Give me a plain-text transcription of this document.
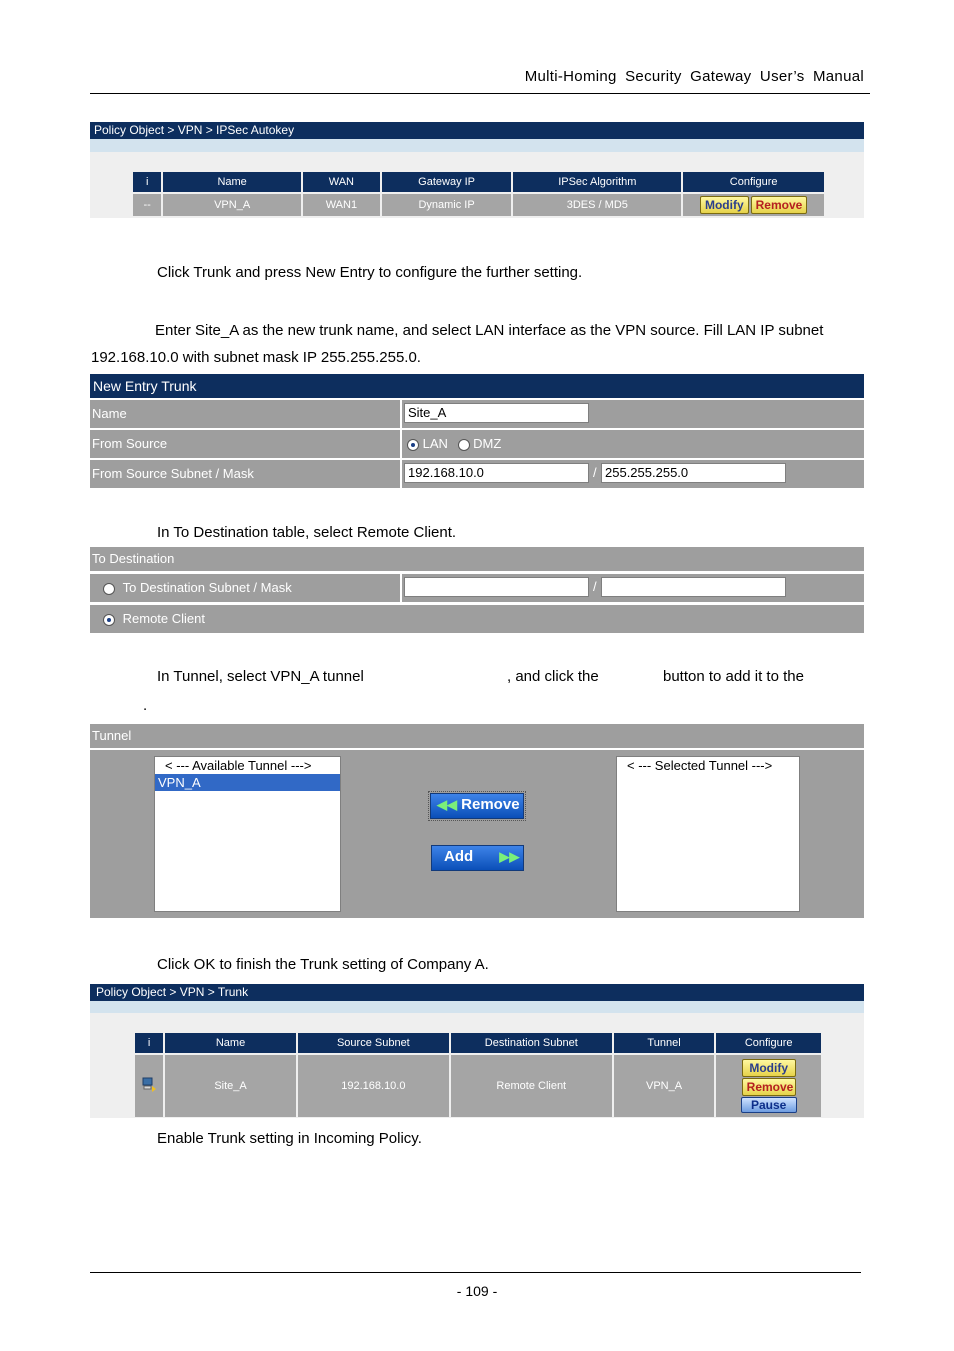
Multi-Homing Security Gateway User’s Manual
Policy Object > VPN > IPSec Autokey
i	Name	WAN	Gateway IP	IPSec Algorithm	Configure
--	VPN_A	WAN1	Dynamic IP	3DES / MD5	Modify Remove
Click Trunk and press New Entry to configure the further setting.
Enter Site_A as the new trunk name, and select LAN interface as the VPN source. Fill LAN IP subnet
192.168.10.0 with subnet mask IP 255.255.255.0.
New Entry Trunk
Name	Site_A
From Source	LAN DMZ
From Source Subnet / Mask	192.168.10.0	/ 255.255.255.0
In To Destination table, select Remote Client.
To Destination
To Destination Subnet / Mask	/
Remote Client
In Tunnel, select VPN_A tunnel	, and click the	button to add it to the
.
Tunnel
< --- Available Tunnel --->
VPN_A
◀◀ Remove
Add ▶▶
< --- Selected Tunnel --->
Click OK to finish the Trunk setting of Company A.
Policy Object > VPN > Trunk
i	Name	Source Subnet	Destination Subnet	Tunnel	Configure
	Site_A	192.168.10.0	Remote Client	VPN_A	Modify
Remove
Pause
Enable Trunk setting in Incoming Policy.
- 109 -
